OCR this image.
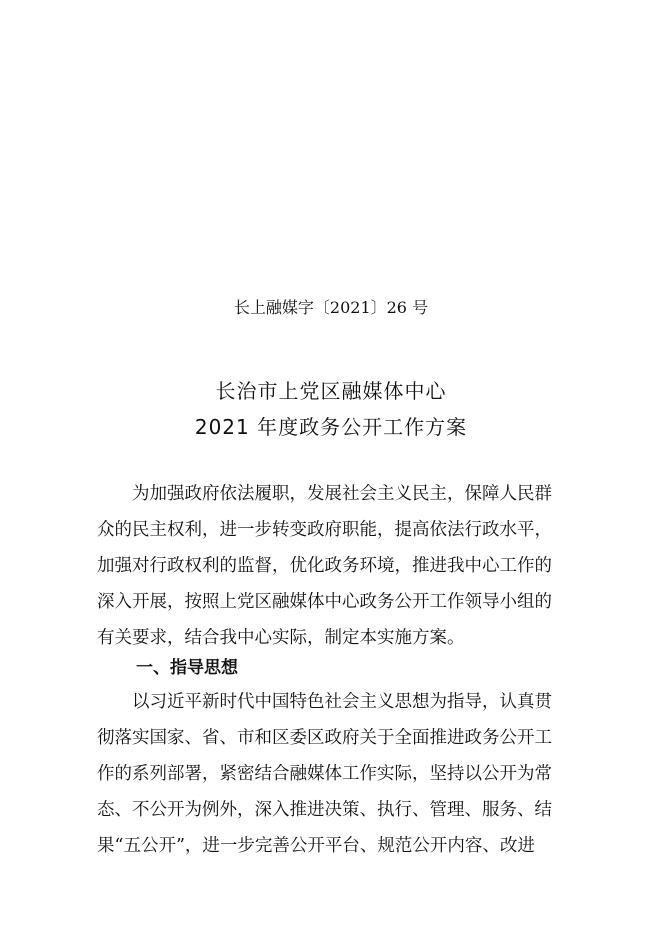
长上融媒字〔2021〕26 号
长治市上党区融媒体中心
2021 年度政务公开工作方案
为加强政府依法履职，发展社会主义民主，保障人民群
众的民主权利，进一步转变政府职能，提高依法行政水平，
加强对行政权利的监督，优化政务环境，推进我中心工作的
深入开展，按照上党区融媒体中心政务公开工作领导小组的
有关要求，结合我中心实际，制定本实施方案。
一、指导思想
以习近平新时代中国特色社会主义思想为指导，认真贯
彻落实国家、省、市和区委区政府关于全面推进政务公开工
作的系列部署，紧密结合融媒体工作实际，坚持以公开为常
态、不公开为例外，深入推进决策、执行、管理、服务、结
果“五公开”，进一步完善公开平台、规范公开内容、改进
